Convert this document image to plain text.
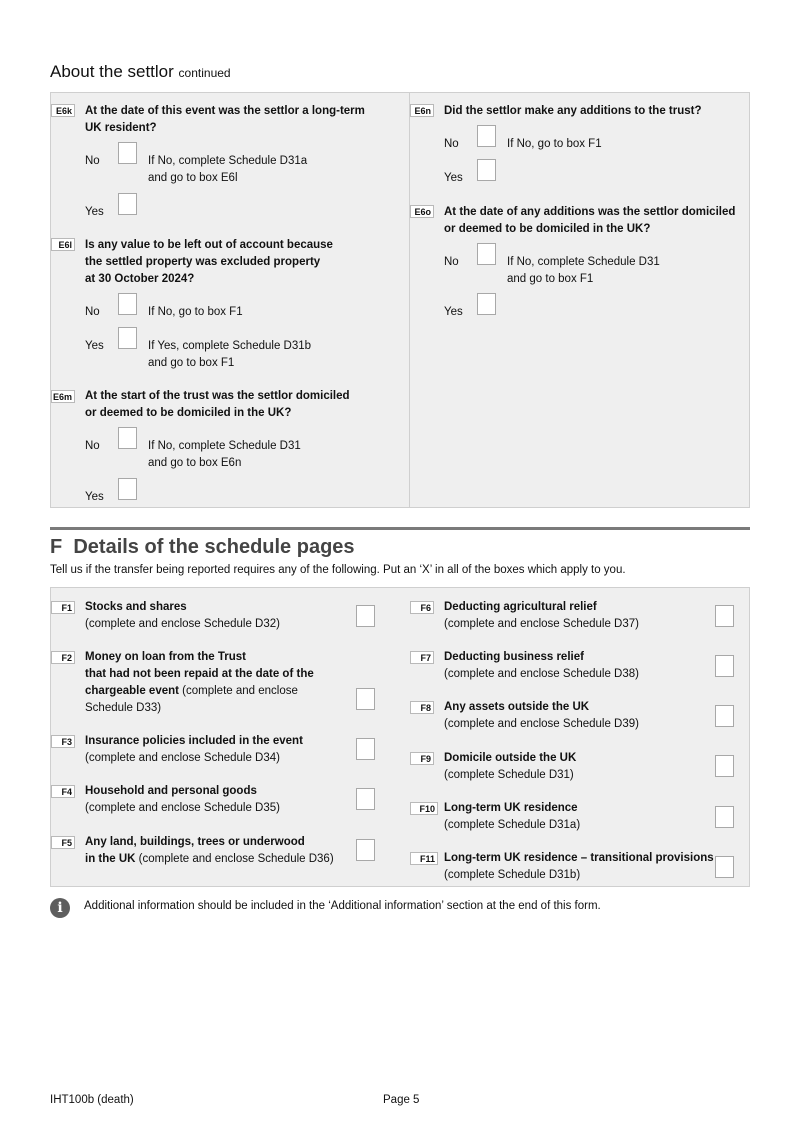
About the settlor continued
E6k At the date of this event was the settlor a long-term
UK resident?
No	If No, complete Schedule D31a
and go to box E6l
Yes
E6l Is any value to be left out of account because
the settled property was excluded property
at 30 October 2024?
No	If No, go to box F1
Yes	If Yes, complete Schedule D31b
and go to box F1
E6m At the start of the trust was the settlor domiciled
or deemed to be domiciled in the UK?
No	If No, complete Schedule D31
and go to box E6n
Yes
E6n Did the settlor make any additions to the trust?
No	If No, go to box F1
Yes
E6o At the date of any additions was the settlor domiciled
or deemed to be domiciled in the UK?
No	If No, complete Schedule D31
and go to box F1
Yes
F Details of the schedule pages
Tell us if the transfer being reported requires any of the following. Put an ‘X’ in all of the boxes which apply to you.
F1 Stocks and shares
(complete and enclose Schedule D32)
F2 Money on loan from the Trust
that had not been repaid at the date of the
chargeable event (complete and enclose
Schedule D33)
F3 Insurance policies included in the event
(complete and enclose Schedule D34)
F4 Household and personal goods
(complete and enclose Schedule D35)
F5 Any land, buildings, trees or underwood
in the UK (complete and enclose Schedule D36)
F6 Deducting agricultural relief
(complete and enclose Schedule D37)
F7 Deducting business relief
(complete and enclose Schedule D38)
F8 Any assets outside the UK
(complete and enclose Schedule D39)
F9 Domicile outside the UK
(complete Schedule D31)
F10 Long-term UK residence
(complete Schedule D31a)
F11 Long-term UK residence – transitional provisions
(complete Schedule D31b)
i	Additional information should be included in the ‘Additional information’ section at the end of this form.
IHT100b (death)	Page 5
